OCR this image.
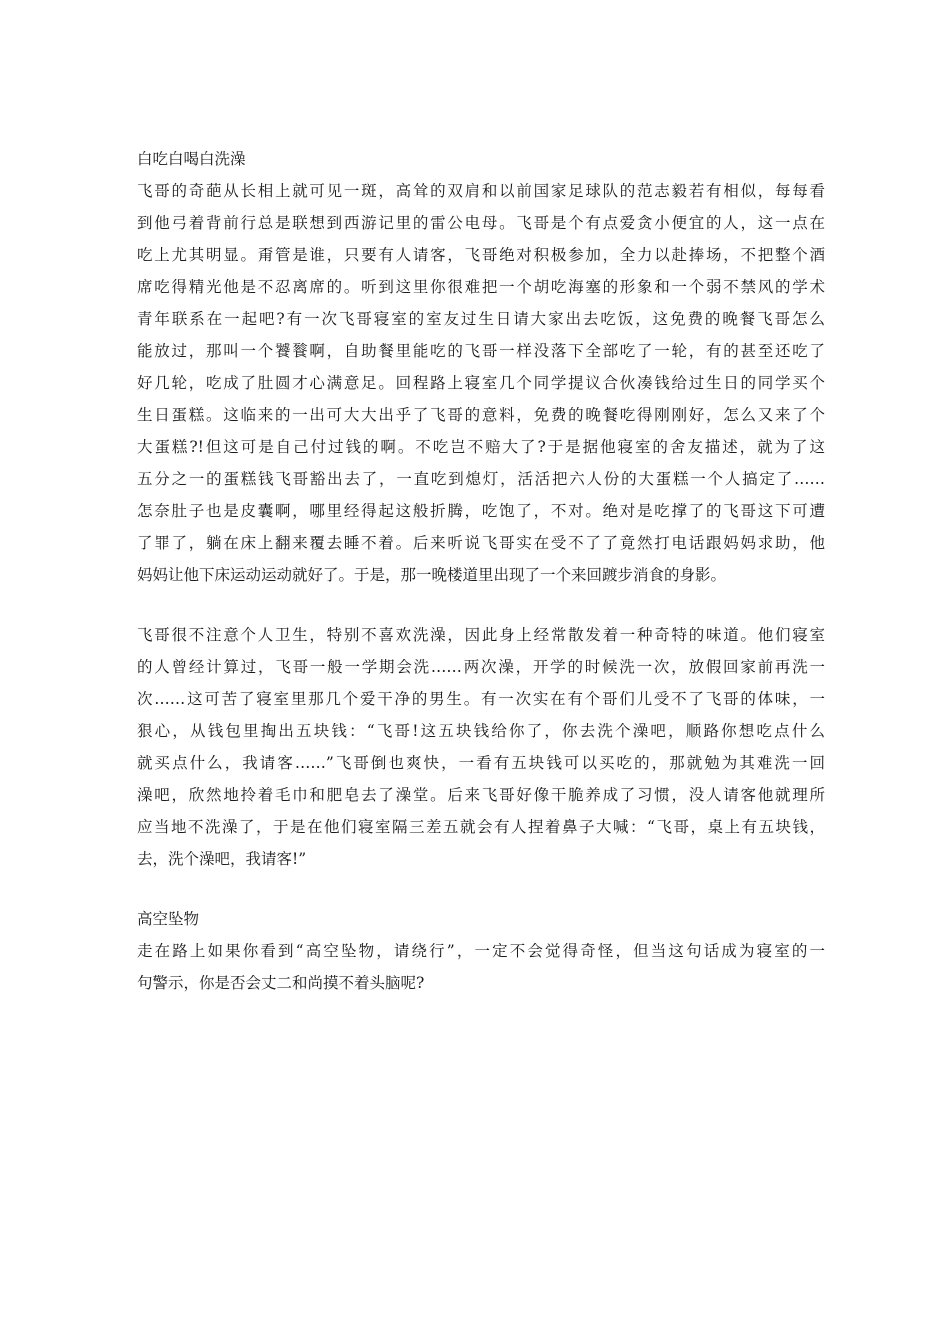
白吃白喝白洗澡
飞哥的奇葩从长相上就可见一斑，高耸的双肩和以前国家足球队的范志毅若有相似，每每看
到他弓着背前行总是联想到西游记里的雷公电母。飞哥是个有点爱贪小便宜的人，这一点在
吃上尤其明显。甭管是谁，只要有人请客，飞哥绝对积极参加，全力以赴捧场，不把整个酒
席吃得精光他是不忍离席的。听到这里你很难把一个胡吃海塞的形象和一个弱不禁风的学术
青年联系在一起吧?有一次飞哥寝室的室友过生日请大家出去吃饭，这免费的晚餐飞哥怎么
能放过，那叫一个饕餮啊，自助餐里能吃的飞哥一样没落下全部吃了一轮，有的甚至还吃了
好几轮，吃成了肚圆才心满意足。回程路上寝室几个同学提议合伙凑钱给过生日的同学买个
生日蛋糕。这临来的一出可大大出乎了飞哥的意料，免费的晚餐吃得刚刚好，怎么又来了个
大蛋糕?!但这可是自己付过钱的啊。不吃岂不赔大了?于是据他寝室的舍友描述，就为了这
五分之一的蛋糕钱飞哥豁出去了，一直吃到熄灯，活活把六人份的大蛋糕一个人搞定了……
怎奈肚子也是皮囊啊，哪里经得起这般折腾，吃饱了，不对。绝对是吃撑了的飞哥这下可遭
了罪了，躺在床上翻来覆去睡不着。后来听说飞哥实在受不了了竟然打电话跟妈妈求助，他
妈妈让他下床运动运动就好了。于是，那一晚楼道里出现了一个来回踱步消食的身影。
飞哥很不注意个人卫生，特别不喜欢洗澡，因此身上经常散发着一种奇特的味道。他们寝室
的人曾经计算过，飞哥一般一学期会洗……两次澡，开学的时候洗一次，放假回家前再洗一
次……这可苦了寝室里那几个爱干净的男生。有一次实在有个哥们儿受不了飞哥的体味，一
狠心，从钱包里掏出五块钱：“飞哥!这五块钱给你了，你去洗个澡吧，顺路你想吃点什么
就买点什么，我请客……”飞哥倒也爽快，一看有五块钱可以买吃的，那就勉为其难洗一回
澡吧，欣然地拎着毛巾和肥皂去了澡堂。后来飞哥好像干脆养成了习惯，没人请客他就理所
应当地不洗澡了，于是在他们寝室隔三差五就会有人捏着鼻子大喊：“飞哥，桌上有五块钱，
去，洗个澡吧，我请客!”
高空坠物
走在路上如果你看到“高空坠物，请绕行”，一定不会觉得奇怪，但当这句话成为寝室的一
句警示，你是否会丈二和尚摸不着头脑呢?
